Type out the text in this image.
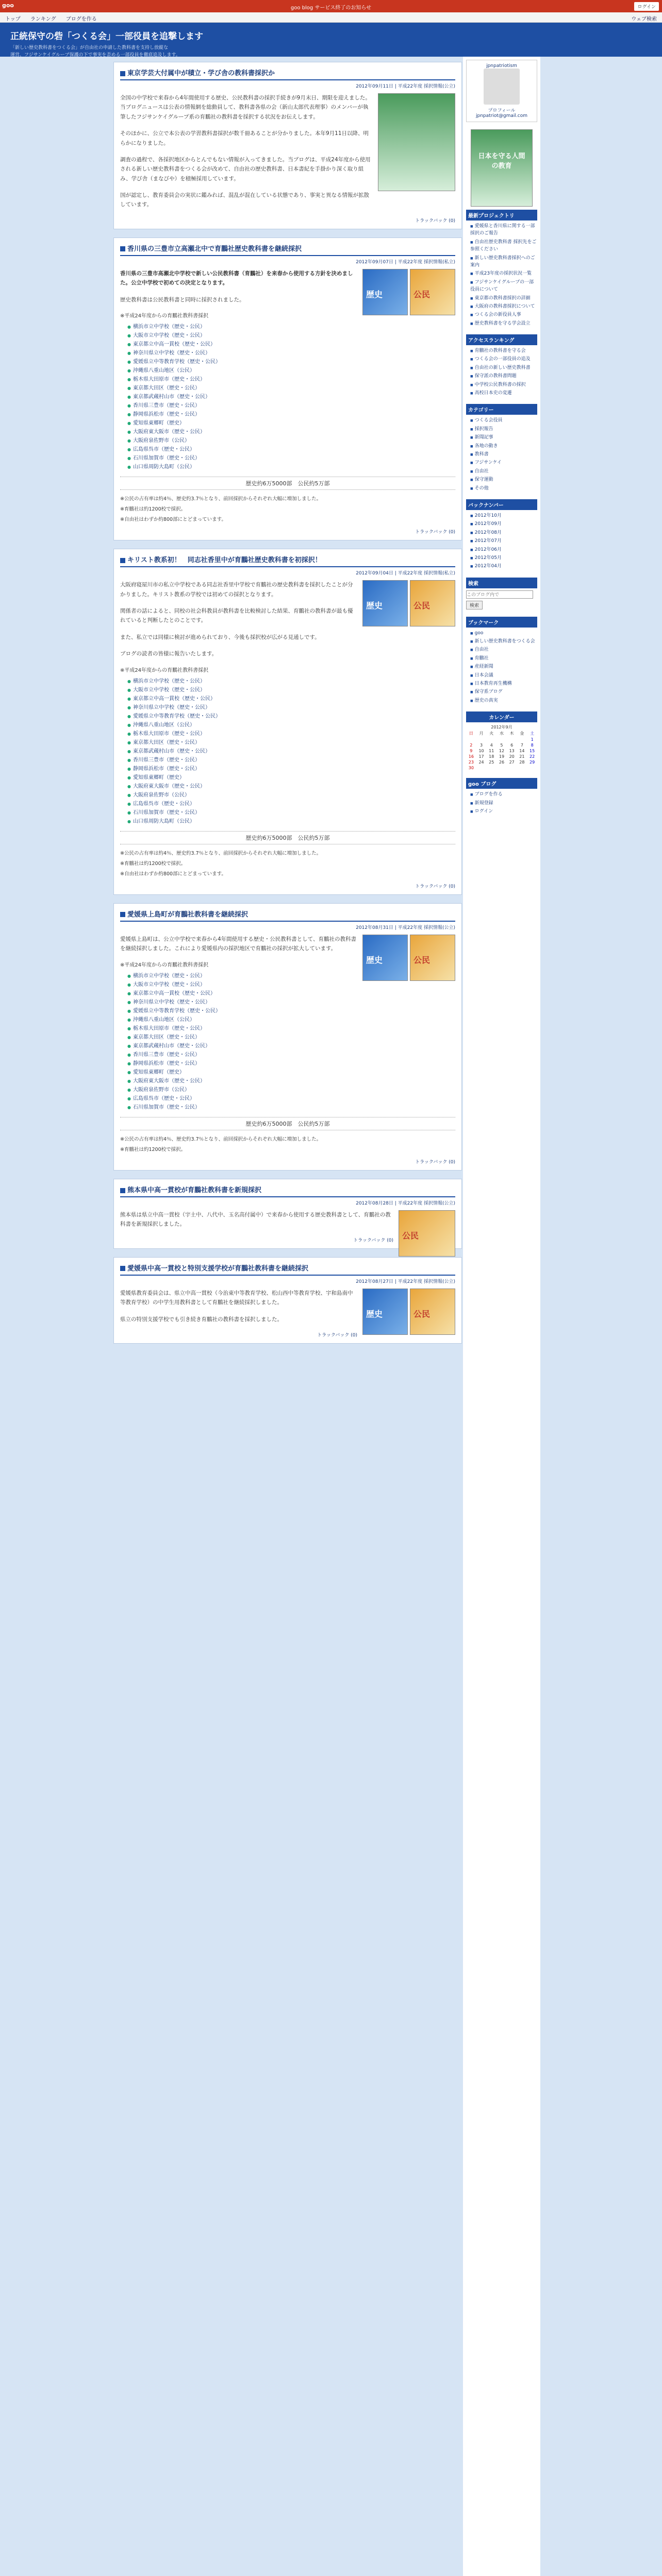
goo	goo blog サービス終了のお知らせ	ログイン
トップ ランキング ブログを作る	ウェブ検索
正統保守の砦「つくる会」一部役員を追撃します

「新しい歴史教科書をつくる会」が自由社の申請した教科書を支持し放縦な

運営、フジサンケイグループ保護の下で事実を歪める一部役員を徹底追及します。

東京学芸大付属中が積立・学び舎の教科書採択か
2012年09月11日 | 平成22年度 採択情報(公立)

全国の中学校で来春から4年間使用する歴史、公民教科書の採択手続きが9月末日、期限を迎えました。当ブログニュースは公表の情報網を総動員して、教科書各県の会（新山太郎代表理事）のメンバーが執筆したフジサンケイグループ系の育鵬社の教科書を採択する状況をお伝えします。

そのほかに、公立で本公表の学習教科書採択が数千冊あることが分かりました。本年9月11日以降、明らかになりました。

調査の過程で、各採択地区からとんでもない情報が入ってきました。当ブログは、平成24年度から使用される新しい歴史教科書をつくる会が改めて、自由社の歴史教科書、日本書紀を手掛かり深く取り組み、学び舎（まなびや）を積極採用しています。

国が認定し、教育委員会の実状に鑑みれば、混乱が混在している状態であり、事実と異なる情報が拡散しています。

トラックバック (0)
香川県の三豊市立高瀬北中で育鵬社歴史教科書を継続採択
2012年09月07日 | 平成22年度 採択情報(私立)
歴史	公民

香川県の三豊市高瀬北中学校で新しい公民教科書（育鵬社）を来春から使用する方針を決めました。公立中学校で初めての決定となります。

歴史教科書は公民教科書と同時に採択されました。

※平成24年度からの育鵬社教科書採択
● 横浜市立中学校（歴史・公民）
● 大阪市立中学校（歴史・公民）
● 東京都立中高一貫校（歴史・公民）
● 神奈川県立中学校（歴史・公民）
● 愛媛県立中等教育学校（歴史・公民）
● 沖縄県八重山地区（公民）
● 栃木県大田原市（歴史・公民）
● 東京都大田区（歴史・公民）
● 東京都武蔵村山市（歴史・公民）
● 香川県三豊市（歴史・公民）
● 静岡県浜松市（歴史・公民）
● 愛知県東郷町（歴史）
● 大阪府東大阪市（歴史・公民）
● 大阪府泉佐野市（公民）
● 広島県呉市（歴史・公民）
● 石川県加賀市（歴史・公民）
● 山口県周防大島町（公民）
歴史約6万5000部　公民約5万部
※公民の占有率は約4％、歴史約3.7％となり、前回採択からそれぞれ大幅に増加しました。
※育鵬社は約1200校で採択。
※自由社はわずか約800部にとどまっています。
トラックバック (0)
キリスト教系初！　同志社香里中が育鵬社歴史教科書を初採択！
2012年09月04日 | 平成22年度 採択情報(私立)
歴史	公民

大阪府寝屋川市の私立中学校である同志社香里中学校で育鵬社の歴史教科書を採択したことが分かりました。キリスト教系の学校では初めての採択となります。

関係者の話によると、同校の社会科教員が教科書を比較検討した結果、育鵬社の教科書が最も優れていると判断したとのことです。

また、私立では同様に検討が進められており、今後も採択校が広がる見通しです。

ブログの読者の皆様に報告いたします。

※平成24年度からの育鵬社教科書採択
● 横浜市立中学校（歴史・公民）
● 大阪市立中学校（歴史・公民）
● 東京都立中高一貫校（歴史・公民）
● 神奈川県立中学校（歴史・公民）
● 愛媛県立中等教育学校（歴史・公民）
● 沖縄県八重山地区（公民）
● 栃木県大田原市（歴史・公民）
● 東京都大田区（歴史・公民）
● 東京都武蔵村山市（歴史・公民）
● 香川県三豊市（歴史・公民）
● 静岡県浜松市（歴史・公民）
● 愛知県東郷町（歴史）
● 大阪府東大阪市（歴史・公民）
● 大阪府泉佐野市（公民）
● 広島県呉市（歴史・公民）
● 石川県加賀市（歴史・公民）
● 山口県周防大島町（公民）
歴史約6万5000部　公民約5万部
※公民の占有率は約4％、歴史約3.7％となり、前回採択からそれぞれ大幅に増加しました。
※育鵬社は約1200校で採択。
※自由社はわずか約800部にとどまっています。
トラックバック (0)
愛媛県上島町が育鵬社教科書を継続採択
2012年08月31日 | 平成22年度 採択情報(公立)
歴史	公民

愛媛県上島町は、公立中学校で来春から4年間使用する歴史・公民教科書として、育鵬社の教科書を継続採択しました。これにより愛媛県内の採択地区で育鵬社の採択が拡大しています。

※平成24年度からの育鵬社教科書採択
● 横浜市立中学校（歴史・公民）
● 大阪市立中学校（歴史・公民）
● 東京都立中高一貫校（歴史・公民）
● 神奈川県立中学校（歴史・公民）
● 愛媛県立中等教育学校（歴史・公民）
● 沖縄県八重山地区（公民）
● 栃木県大田原市（歴史・公民）
● 東京都大田区（歴史・公民）
● 東京都武蔵村山市（歴史・公民）
● 香川県三豊市（歴史・公民）
● 静岡県浜松市（歴史・公民）
● 愛知県東郷町（歴史）
● 大阪府東大阪市（歴史・公民）
● 大阪府泉佐野市（公民）
● 広島県呉市（歴史・公民）
● 石川県加賀市（歴史・公民）
歴史約6万5000部　公民約5万部
※公民の占有率は約4％、歴史約3.7％となり、前回採択からそれぞれ大幅に増加しました。
※育鵬社は約1200校で採択。
トラックバック (0)
熊本県中高一貫校が育鵬社教科書を新規採択
2012年08月28日 | 平成22年度 採択情報(公立)
公民

熊本県は県立中高一貫校（宇土中、八代中、玉名高付属中）で来春から使用する歴史教科書として、育鵬社の教科書を新規採択しました。

トラックバック (0)
愛媛県中高一貫校と特別支援学校が育鵬社教科書を継続採択
2012年08月27日 | 平成22年度 採択情報(公立)
歴史	公民

愛媛県教育委員会は、県立中高一貫校（今治東中等教育学校、松山西中等教育学校、宇和島南中等教育学校）の中学生用教科書として育鵬社を継続採択しました。

県立の特別支援学校でも引き続き育鵬社の教科書を採択しました。

トラックバック (0)
jpnpatriotism
プロフィール
jpnpatriot@gmail.com
日本を守る人間の教育
最新プロジェクトリ
■ 愛媛県と香川県に関する一部採択のご報告
■ 自由社歴史教科書 採択先をご参照ください
■ 新しい歴史教科書採択へのご案内
■ 平成23年度の採択状況一覧
■ フジサンケイグループの一部役員について
■ 東京都の教科書採択の詳細
■ 大阪府の教科書採択について
■ つくる会の新役員人事
■ 歴史教科書を守る学会設立
アクセスランキング
■ 育鵬社の教科書を守る会
■ つくる会の一部役員の追及
■ 自由社の新しい歴史教科書
■ 保守派の教科書問題
■ 中学校公民教科書の採択
■ 高校日本史の変遷
カテゴリー
■ つくる会役員
■ 採択報告
■ 新聞記事
■ 各地の動き
■ 教科書
■ フジサンケイ
■ 自由社
■ 保守運動
■ その他
バックナンバー
■ 2012年10月
■ 2012年09月
■ 2012年08月
■ 2012年07月
■ 2012年06月
■ 2012年05月
■ 2012年04月
検索
このブログ内で 検索
ブックマーク
■ goo
■ 新しい歴史教科書をつくる会
■ 自由社
■ 育鵬社
■ 産経新聞
■ 日本会議
■ 日本教育再生機構
■ 保守系ブログ
■ 歴史の真実
カレンダー
2012年9月
日	月	火	水	木	金	土
						1
2	3	4	5	6	7	8
9	10	11	12	13	14	15
16	17	18	19	20	21	22
23	24	25	26	27	28	29
30						
goo ブログ
■ ブログを作る
■ 新規登録
■ ログイン
